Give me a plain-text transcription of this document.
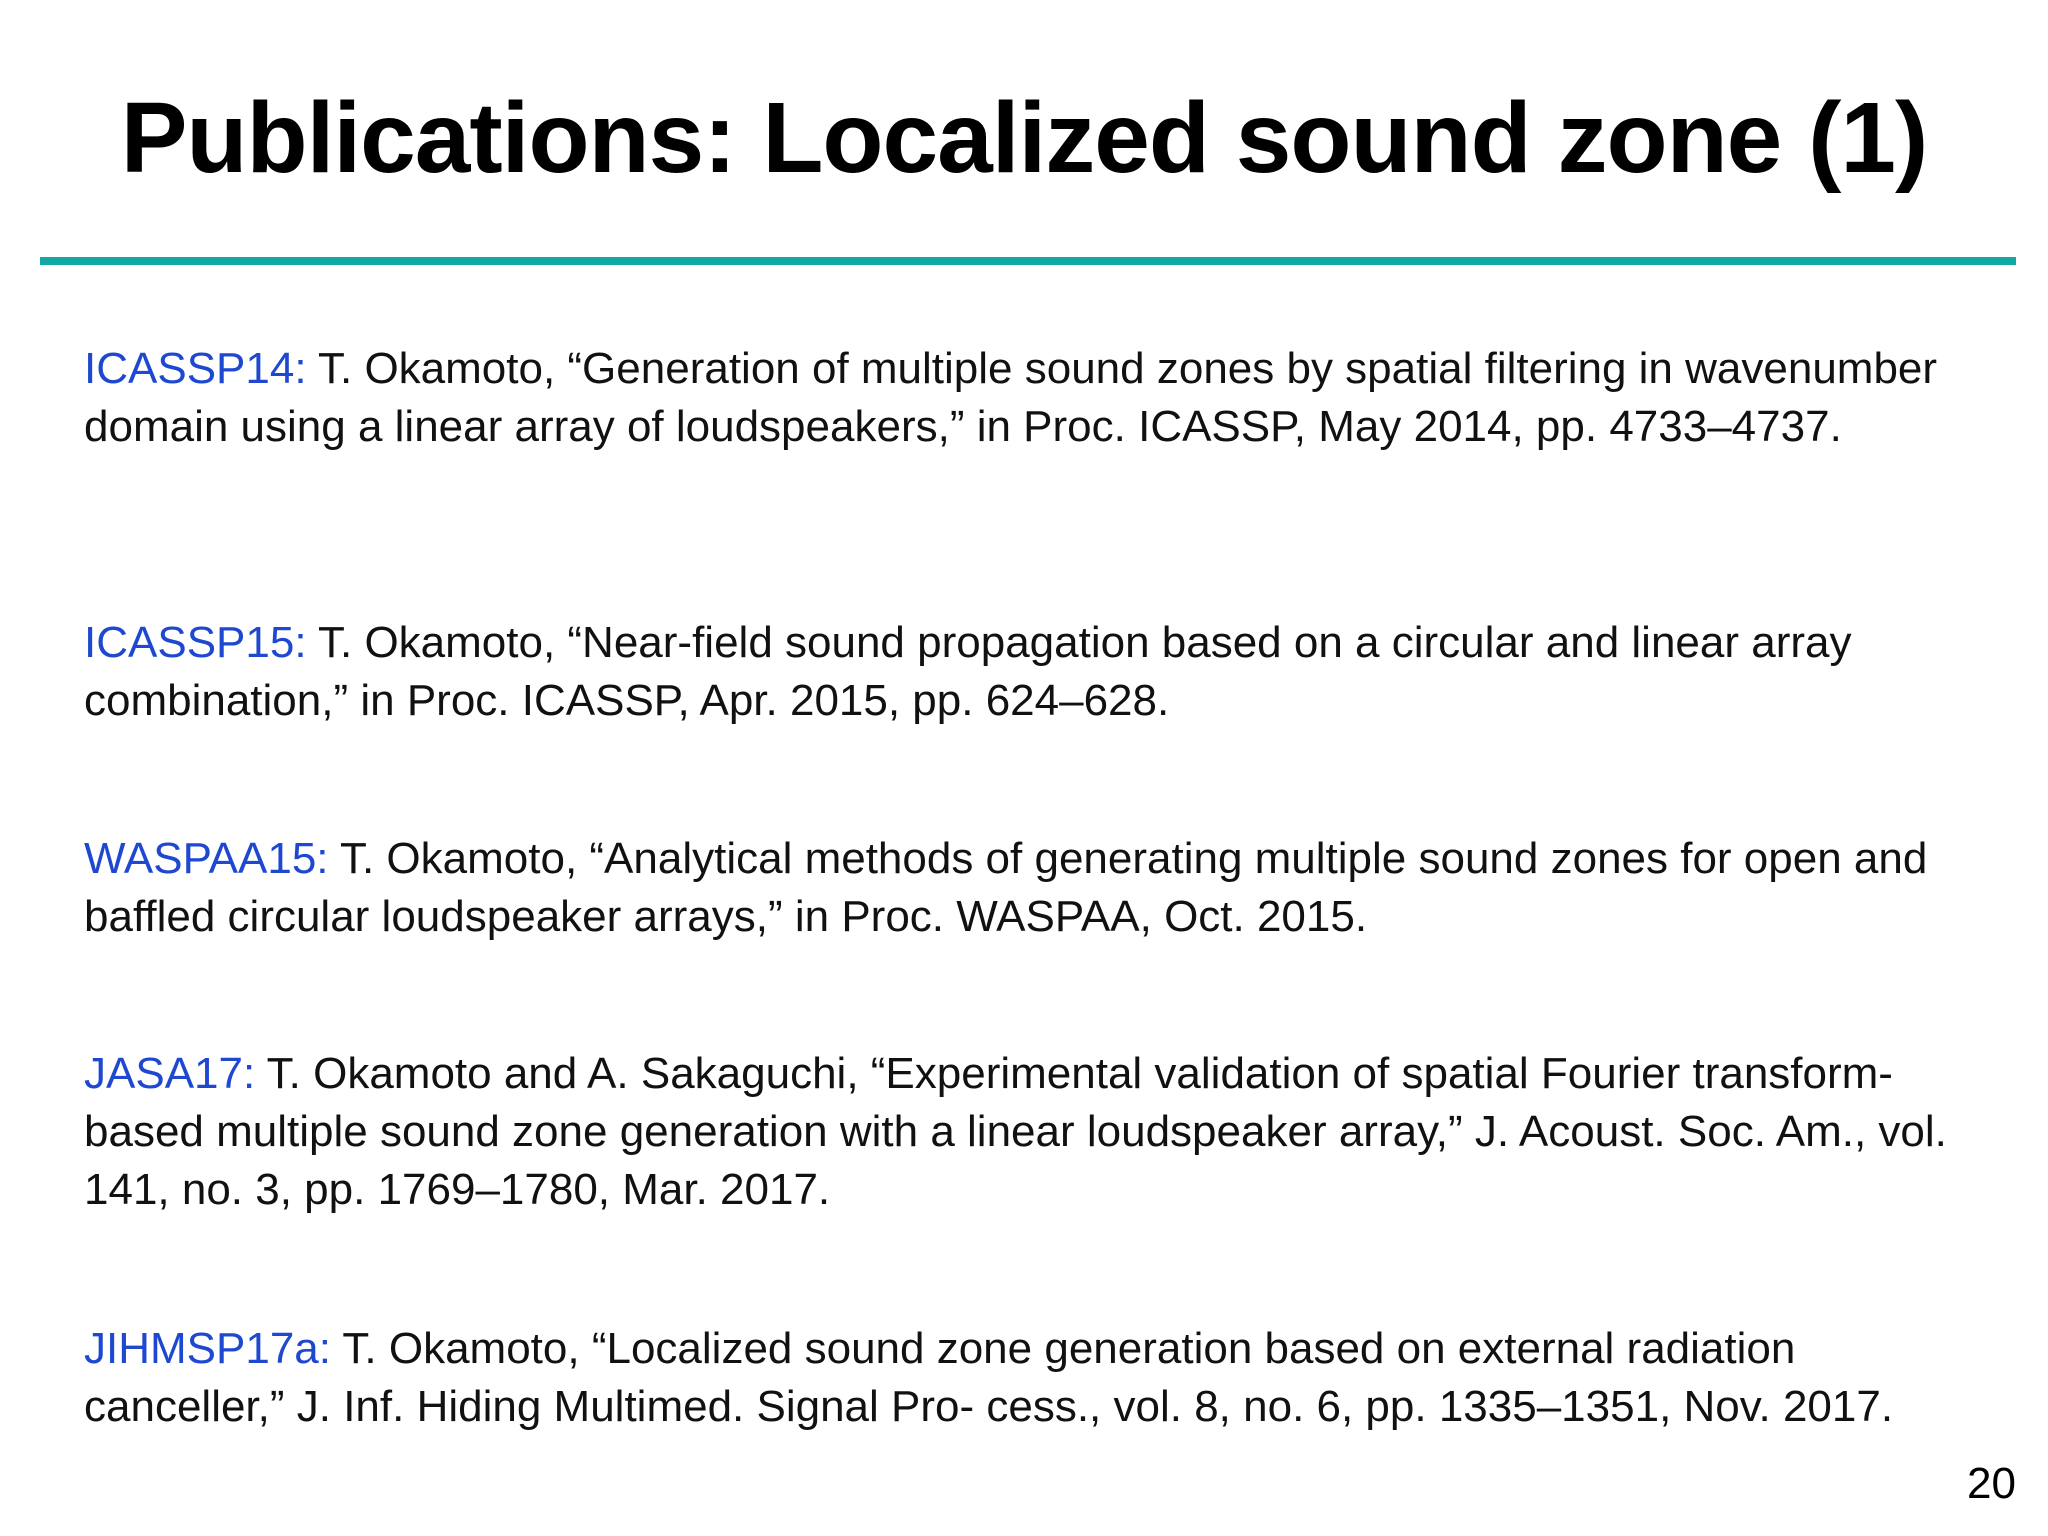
Publications: Localized sound zone (1)
ICASSP14: T. Okamoto, “Generation of multiple sound zones by spatial filtering in wavenumber domain using a linear array of loudspeakers,” in Proc. ICASSP, May 2014, pp. 4733–4737.
ICASSP15: T. Okamoto, “Near-field sound propagation based on a circular and linear array combination,” in Proc. ICASSP, Apr. 2015, pp. 624–628.
WASPAA15: T. Okamoto, “Analytical methods of generating multiple sound zones for open and baffled circular loudspeaker arrays,” in Proc. WASPAA, Oct. 2015.
JASA17: T. Okamoto and A. Sakaguchi, “Experimental validation of spatial Fourier transform-based multiple sound zone generation with a linear loudspeaker array,” J. Acoust. Soc. Am., vol. 141, no. 3, pp. 1769–1780, Mar. 2017.
JIHMSP17a: T. Okamoto, “Localized sound zone generation based on external radiation canceller,” J. Inf. Hiding Multimed. Signal Pro- cess., vol. 8, no. 6, pp. 1335–1351, Nov. 2017.
20
